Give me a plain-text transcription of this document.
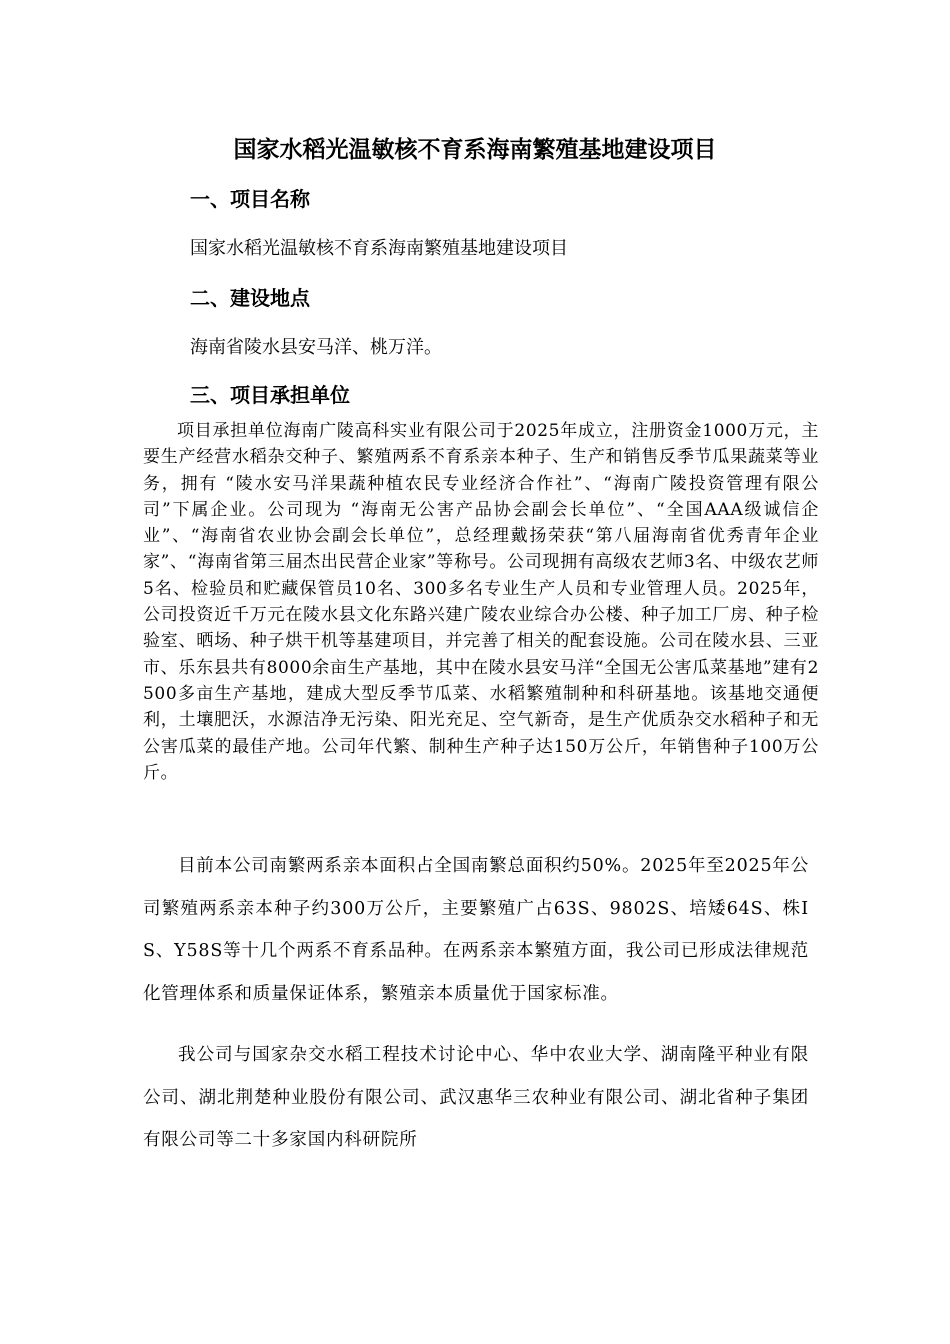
国家水稻光温敏核不育系海南繁殖基地建设项目
一、项目名称

国家水稻光温敏核不育系海南繁殖基地建设项目

二、建设地点

海南省陵水县安马洋、桃万洋。

三、项目承担单位

项目承担单位海南广陵高科实业有限公司于2025年成立，注册资金1000万元，主要生产经营水稻杂交种子、繁殖两系不育系亲本种子、生产和销售反季节瓜果蔬菜等业务，拥有 “陵水安马洋果蔬种植农民专业经济合作社”、“海南广陵投资管理有限公司”下属企业。公司现为 “海南无公害产品协会副会长单位”、“全国AAA级诚信企业”、“海南省农业协会副会长单位”，总经理戴扬荣获“第八届海南省优秀青年企业家”、“海南省第三届杰出民营企业家”等称号。公司现拥有高级农艺师3名、中级农艺师5名、检验员和贮藏保管员10名、300多名专业生产人员和专业管理人员。2025年，公司投资近千万元在陵水县文化东路兴建广陵农业综合办公楼、种子加工厂房、种子检验室、晒场、种子烘干机等基建项目，并完善了相关的配套设施。公司在陵水县、三亚市、乐东县共有8000余亩生产基地，其中在陵水县安马洋“全国无公害瓜菜基地”建有2500多亩生产基地，建成大型反季节瓜菜、水稻繁殖制种和科研基地。该基地交通便利，土壤肥沃，水源洁净无污染、阳光充足、空气新奇，是生产优质杂交水稻种子和无公害瓜菜的最佳产地。公司年代繁、制种生产种子达150万公斤，年销售种子100万公斤。

目前本公司南繁两系亲本面积占全国南繁总面积约50%。2025年至2025年公司繁殖两系亲本种子约300万公斤，主要繁殖广占63S、9802S、培矮64S、株IS、Y58S等十几个两系不育系品种。在两系亲本繁殖方面，我公司已形成法律规范化管理体系和质量保证体系，繁殖亲本质量优于国家标准。

我公司与国家杂交水稻工程技术讨论中心、华中农业大学、湖南隆平种业有限公司、湖北荆楚种业股份有限公司、武汉惠华三农种业有限公司、湖北省种子集团有限公司等二十多家国内科研院所
